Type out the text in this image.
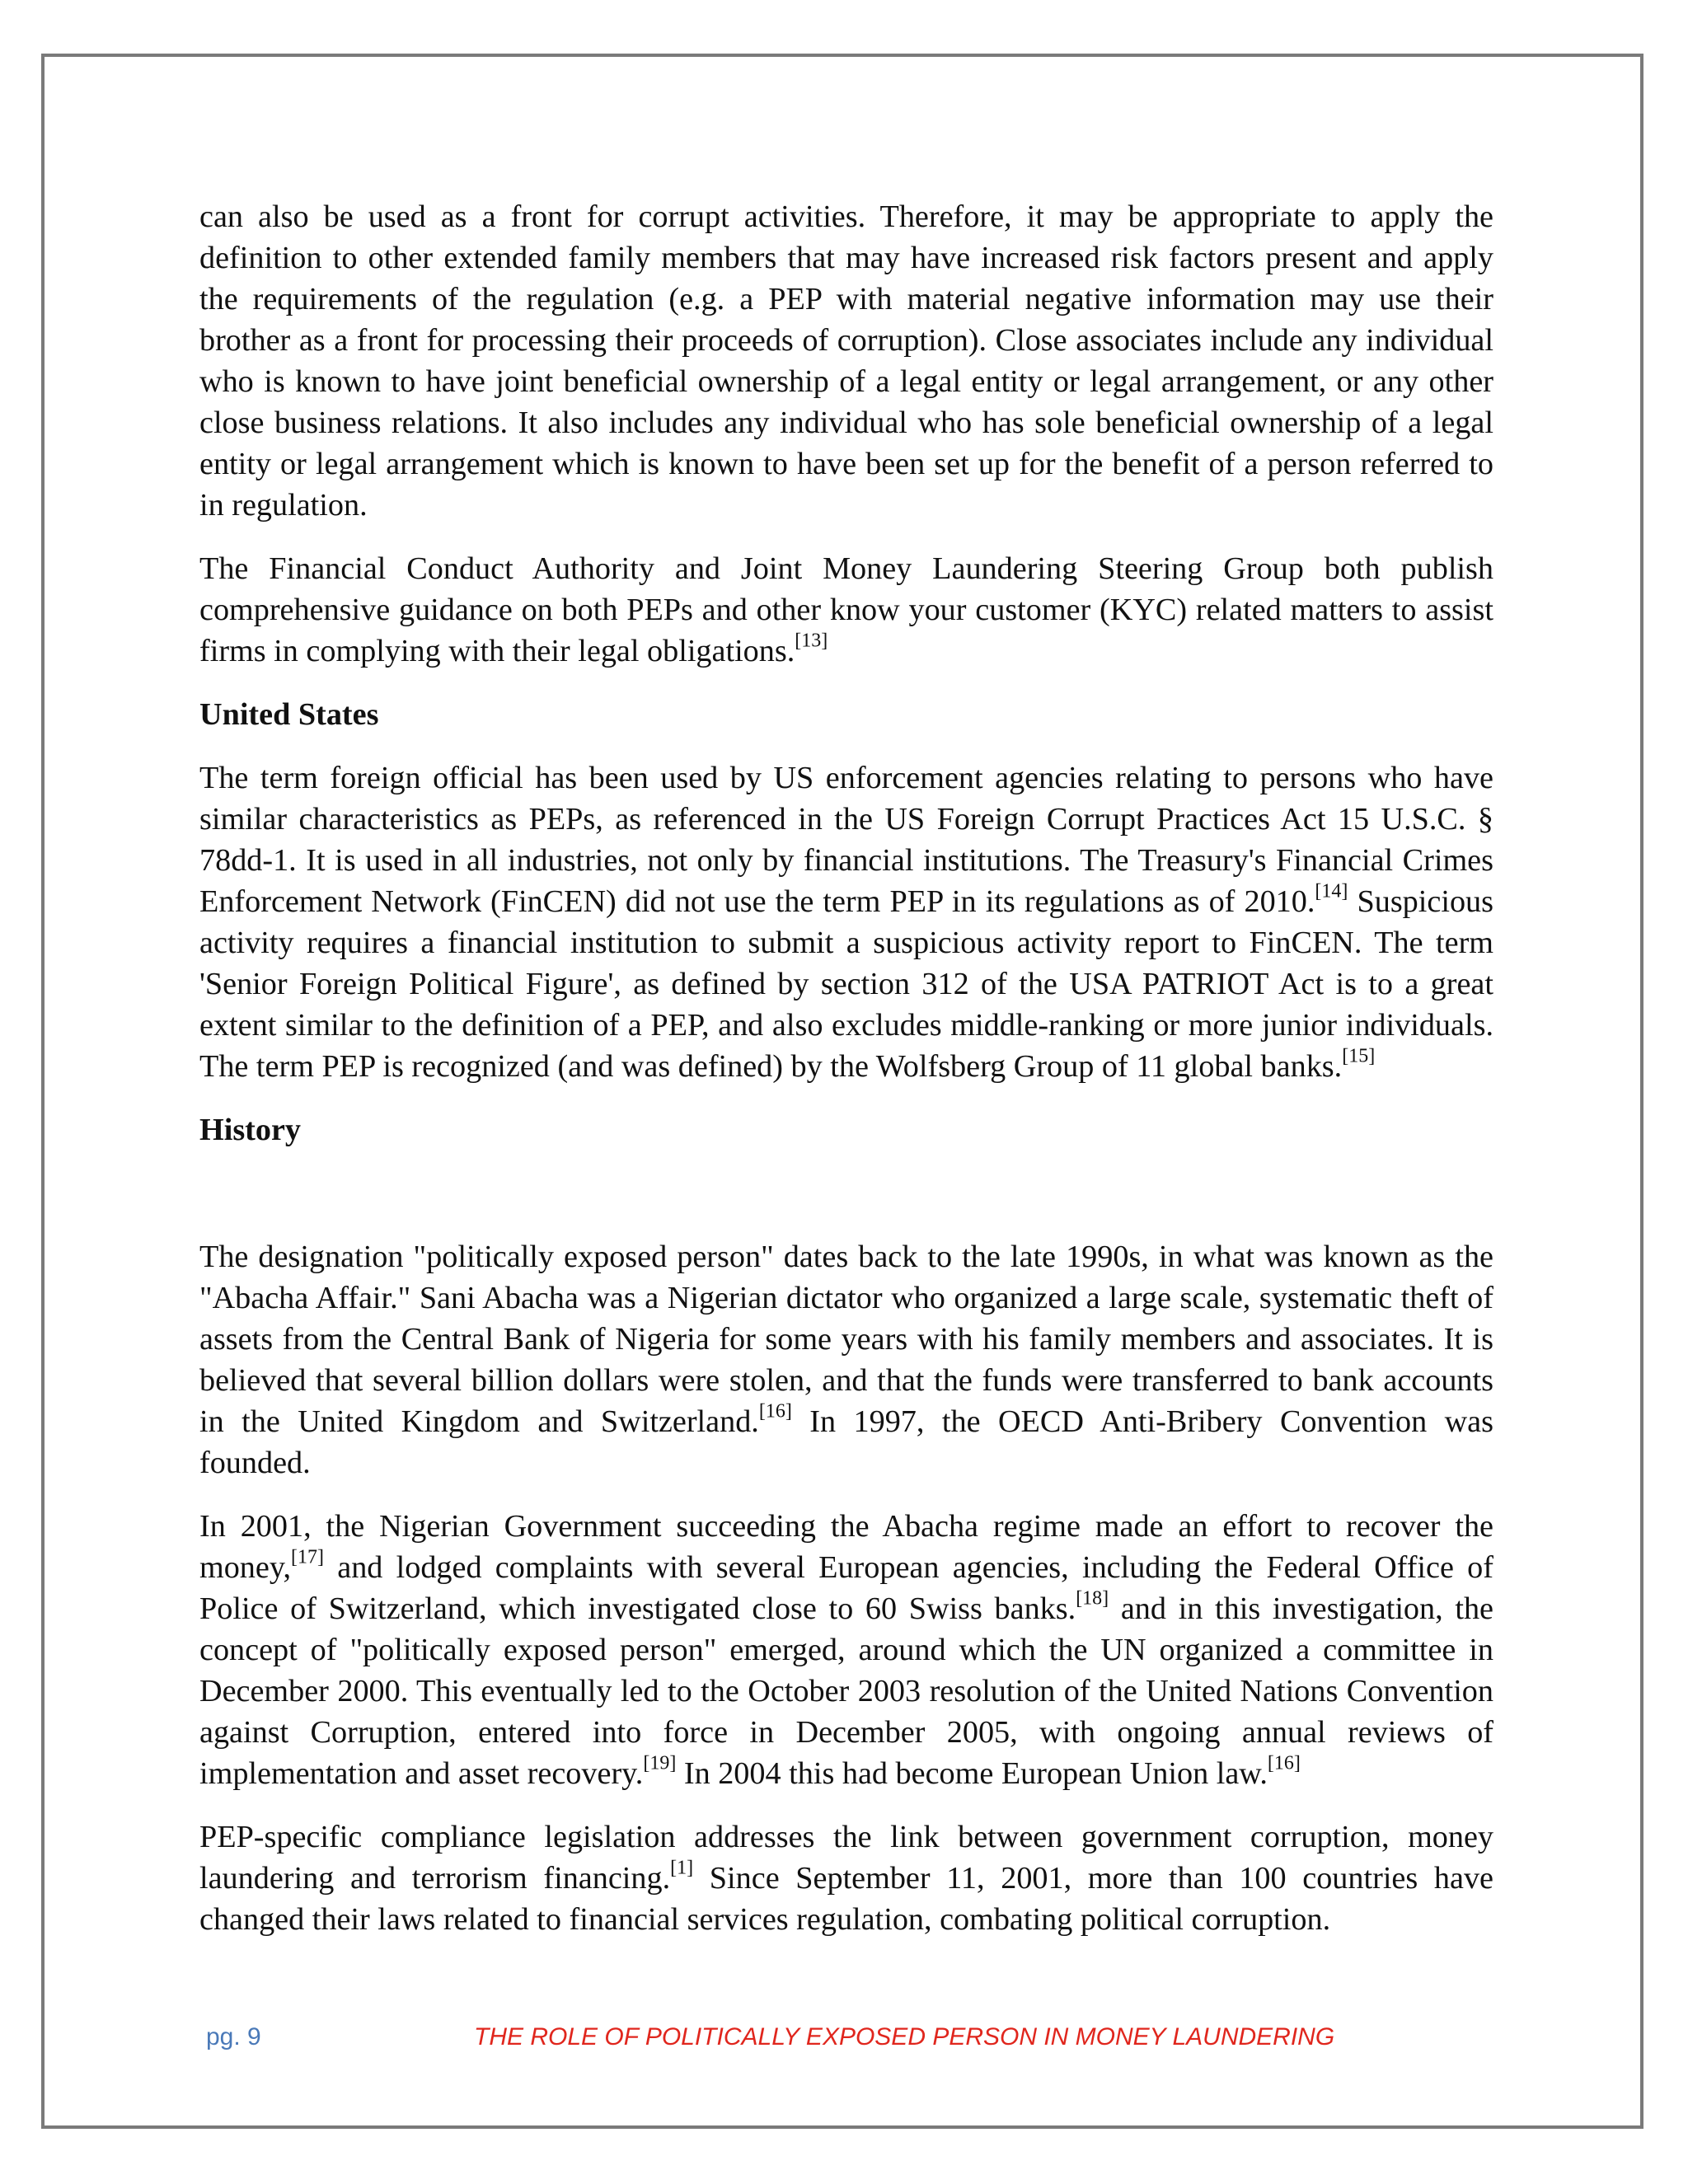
can also be used as a front for corrupt activities. Therefore, it may be appropriate to apply the definition to other extended family members that may have increased risk factors present and apply the requirements of the regulation (e.g. a PEP with material negative information may use their brother as a front for processing their proceeds of corruption). Close associates include any individual who is known to have joint beneficial ownership of a legal entity or legal arrangement, or any other close business relations. It also includes any individual who has sole beneficial ownership of a legal entity or legal arrangement which is known to have been set up for the benefit of a person referred to in regulation.

The Financial Conduct Authority and Joint Money Laundering Steering Group both publish comprehensive guidance on both PEPs and other know your customer (KYC) related matters to assist firms in complying with their legal obligations.[13]

United States

The term foreign official has been used by US enforcement agencies relating to persons who have similar characteristics as PEPs, as referenced in the US Foreign Corrupt Practices Act 15 U.S.C. § 78dd-1. It is used in all industries, not only by financial institutions. The Treasury's Financial Crimes Enforcement Network (FinCEN) did not use the term PEP in its regulations as of 2010.[14] Suspicious activity requires a financial institution to submit a suspicious activity report to FinCEN. The term 'Senior Foreign Political Figure', as defined by section 312 of the USA PATRIOT Act is to a great extent similar to the definition of a PEP, and also excludes middle-ranking or more junior individuals. The term PEP is recognized (and was defined) by the Wolfsberg Group of 11 global banks.[15]

History

The designation "politically exposed person" dates back to the late 1990s, in what was known as the "Abacha Affair." Sani Abacha was a Nigerian dictator who organized a large scale, systematic theft of assets from the Central Bank of Nigeria for some years with his family members and associates. It is believed that several billion dollars were stolen, and that the funds were transferred to bank accounts in the United Kingdom and Switzerland.[16] In 1997, the OECD Anti-Bribery Convention was founded.

In 2001, the Nigerian Government succeeding the Abacha regime made an effort to recover the money,[17] and lodged complaints with several European agencies, including the Federal Office of Police of Switzerland, which investigated close to 60 Swiss banks.[18] and in this investigation, the concept of "politically exposed person" emerged, around which the UN organized a committee in December 2000. This eventually led to the October 2003 resolution of the United Nations Convention against Corruption, entered into force in December 2005, with ongoing annual reviews of implementation and asset recovery.[19] In 2004 this had become European Union law.[16]

PEP-specific compliance legislation addresses the link between government corruption, money laundering and terrorism financing.[1] Since September 11, 2001, more than 100 countries have changed their laws related to financial services regulation, combating political corruption.

pg. 9	THE ROLE OF POLITICALLY EXPOSED PERSON IN MONEY LAUNDERING
